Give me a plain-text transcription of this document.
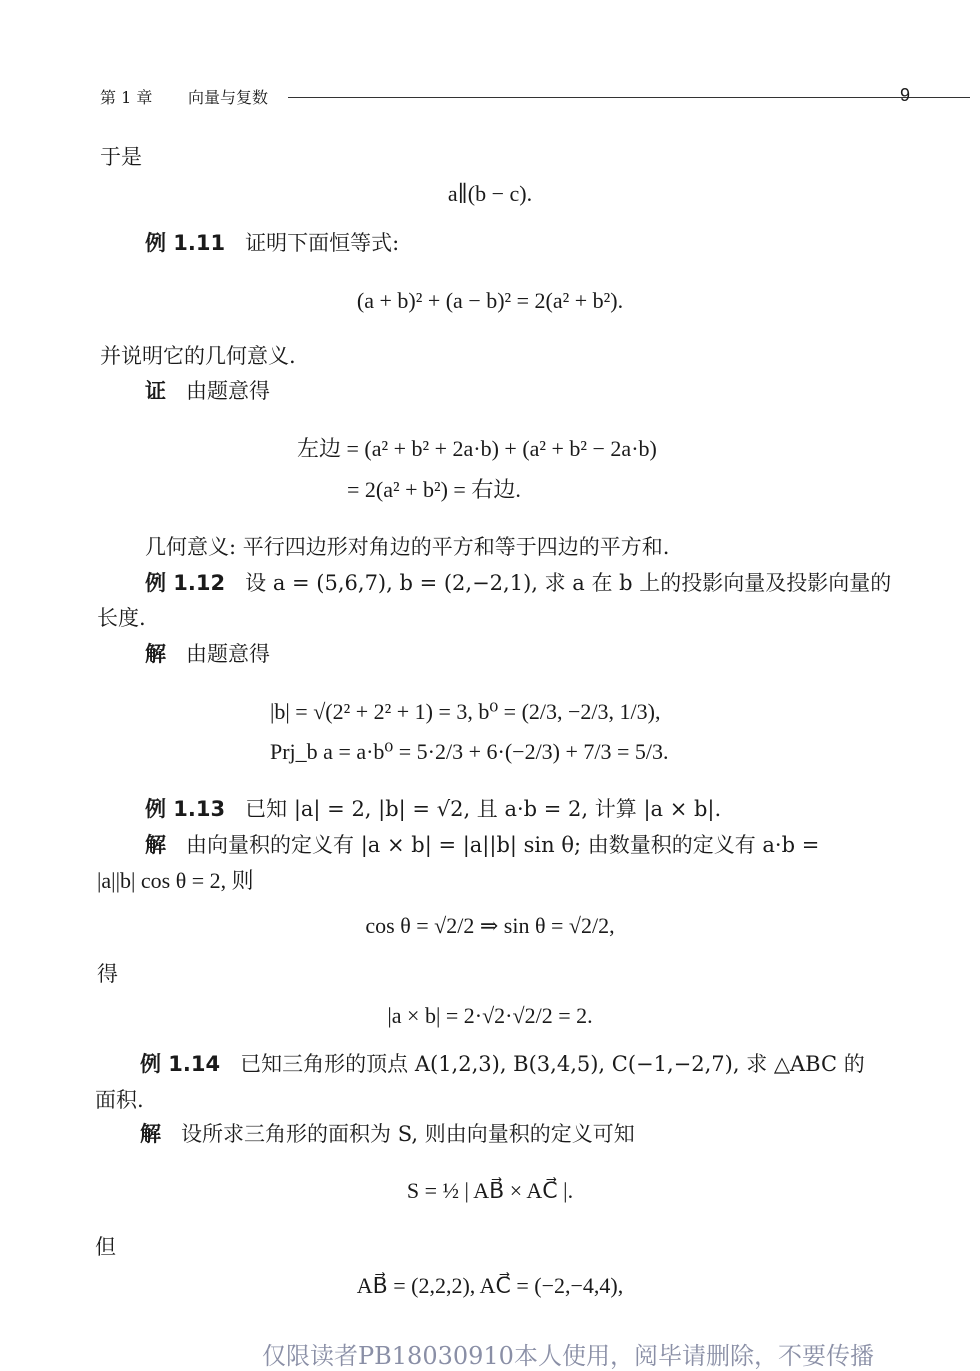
第 1 章 向量与复数	9
于是
a∥(b − c).
例 1.11 证明下面恒等式:
(a + b)² + (a − b)² = 2(a² + b²).
并说明它的几何意义.
证 由题意得
左边 = (a² + b² + 2a·b) + (a² + b² − 2a·b)
= 2(a² + b²) = 右边.
几何意义: 平行四边形对角边的平方和等于四边的平方和.
例 1.12 设 a = (5,6,7), b = (2,−2,1), 求 a 在 b 上的投影向量及投影向量的
长度.
解 由题意得
|b| = √(2² + 2² + 1) = 3, b⁰ = (2/3, −2/3, 1/3),
Prj_b a = a·b⁰ = 5·2/3 + 6·(−2/3) + 7/3 = 5/3.
例 1.13 已知 |a| = 2, |b| = √2, 且 a·b = 2, 计算 |a × b|.
解 由向量积的定义有 |a × b| = |a||b| sin θ; 由数量积的定义有 a·b =
|a||b| cos θ = 2, 则
cos θ = √2/2 ⇒ sin θ = √2/2,
得
|a × b| = 2·√2·√2/2 = 2.
例 1.14 已知三角形的顶点 A(1,2,3), B(3,4,5), C(−1,−2,7), 求 △ABC 的
面积.
解 设所求三角形的面积为 S, 则由向量积的定义可知
S = ½ | AB⃗ × AC⃗ |.
但
AB⃗ = (2,2,2), AC⃗ = (−2,−4,4),
仅限读者PB18030910本人使用，阅毕请删除，不要传播
